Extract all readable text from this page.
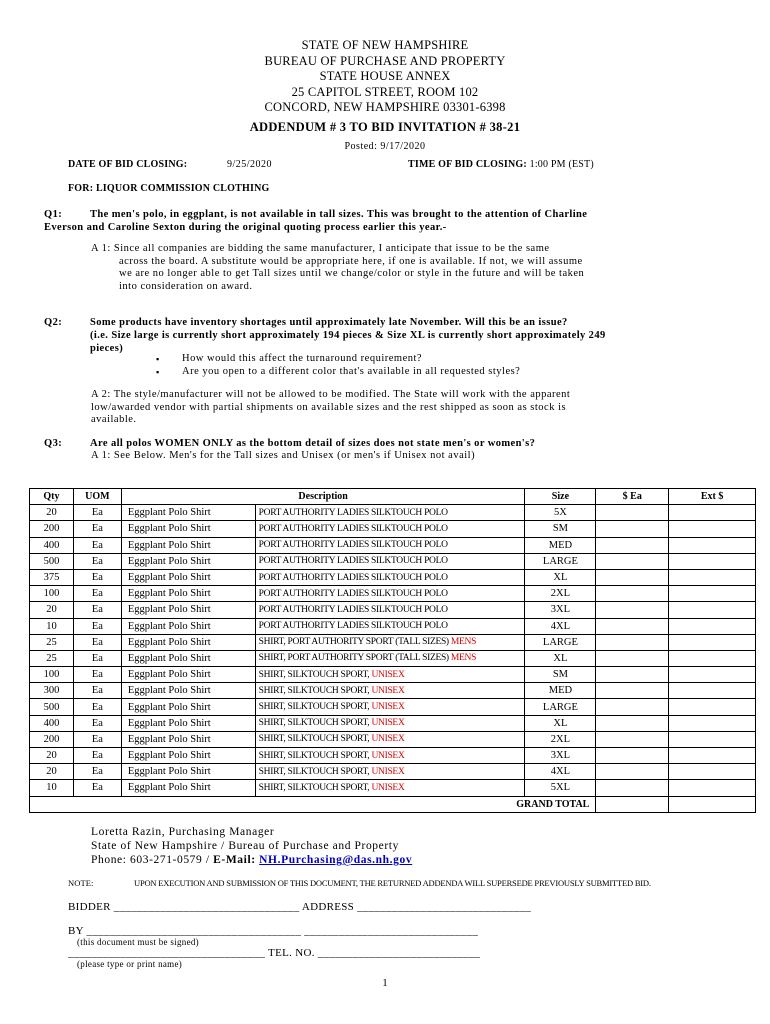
STATE OF NEW HAMPSHIRE
BUREAU OF PURCHASE AND PROPERTY
STATE HOUSE ANNEX
25 CAPITOL STREET, ROOM 102
CONCORD, NEW HAMPSHIRE 03301-6398
ADDENDUM # 3 TO BID INVITATION # 38-21
Posted: 9/17/2020
DATE OF BID CLOSING:	9/25/2020	TIME OF BID CLOSING: 1:00 PM (EST)
FOR: LIQUOR COMMISSION CLOTHING
Q1:	The men's polo, in eggplant, is not available in tall sizes. This was brought to the attention of Charline
Everson and Caroline Sexton during the original quoting process earlier this year.-
A 1: Since all companies are bidding the same manufacturer, I anticipate that issue to be the same
across the board. A substitute would be appropriate here, if one is available. If not, we will assume
we are no longer able to get Tall sizes until we change/color or style in the future and will be taken
into consideration on award.
Q2:	Some products have inventory shortages until approximately late November. Will this be an issue?
(i.e. Size large is currently short approximately 194 pieces & Size XL is currently short approximately 249
pieces)
▪ How would this affect the turnaround requirement?
▪ Are you open to a different color that's available in all requested styles?
A 2: The style/manufacturer will not be allowed to be modified. The State will work with the apparent
low/awarded vendor with partial shipments on available sizes and the rest shipped as soon as stock is
available.
Q3:	Are all polos WOMEN ONLY as the bottom detail of sizes does not state men's or women's?
A 1: See Below. Men's for the Tall sizes and Unisex (or men's if Unisex not avail)
Qty	UOM	Description		Size	$ Ea	Ext $
20	Ea	Eggplant Polo Shirt	PORT AUTHORITY LADIES SILKTOUCH POLO	5X		
200	Ea	Eggplant Polo Shirt	PORT AUTHORITY LADIES SILKTOUCH POLO	SM		
400	Ea	Eggplant Polo Shirt	PORT AUTHORITY LADIES SILKTOUCH POLO	MED		
500	Ea	Eggplant Polo Shirt	PORT AUTHORITY LADIES SILKTOUCH POLO	LARGE		
375	Ea	Eggplant Polo Shirt	PORT AUTHORITY LADIES SILKTOUCH POLO	XL		
100	Ea	Eggplant Polo Shirt	PORT AUTHORITY LADIES SILKTOUCH POLO	2XL		
20	Ea	Eggplant Polo Shirt	PORT AUTHORITY LADIES SILKTOUCH POLO	3XL		
10	Ea	Eggplant Polo Shirt	PORT AUTHORITY LADIES SILKTOUCH POLO	4XL		
25	Ea	Eggplant Polo Shirt	SHIRT, PORT AUTHORITY SPORT (TALL SIZES) MENS	LARGE		
25	Ea	Eggplant Polo Shirt	SHIRT, PORT AUTHORITY SPORT (TALL SIZES) MENS	XL		
100	Ea	Eggplant Polo Shirt	SHIRT, SILKTOUCH SPORT, UNISEX	SM		
300	Ea	Eggplant Polo Shirt	SHIRT, SILKTOUCH SPORT, UNISEX	MED		
500	Ea	Eggplant Polo Shirt	SHIRT, SILKTOUCH SPORT, UNISEX	LARGE		
400	Ea	Eggplant Polo Shirt	SHIRT, SILKTOUCH SPORT, UNISEX	XL		
200	Ea	Eggplant Polo Shirt	SHIRT, SILKTOUCH SPORT, UNISEX	2XL		
20	Ea	Eggplant Polo Shirt	SHIRT, SILKTOUCH SPORT, UNISEX	3XL		
20	Ea	Eggplant Polo Shirt	SHIRT, SILKTOUCH SPORT, UNISEX	4XL		
10	Ea	Eggplant Polo Shirt	SHIRT, SILKTOUCH SPORT, UNISEX	5XL		
GRAND TOTAL						
Loretta Razin, Purchasing Manager
State of New Hampshire / Bureau of Purchase and Property
Phone: 603-271-0579 / E-Mail: NH.Purchasing@das.nh.gov
NOTE:	UPON EXECUTION AND SUBMISSION OF THIS DOCUMENT, THE RETURNED ADDENDA WILL SUPERSEDE PREVIOUSLY SUBMITTED BID.
BIDDER ________________________________ ADDRESS ______________________________
BY _____________________________________ ______________________________
(this document must be signed)
__________________________________ TEL. NO. ____________________________
(please type or print name)
1
